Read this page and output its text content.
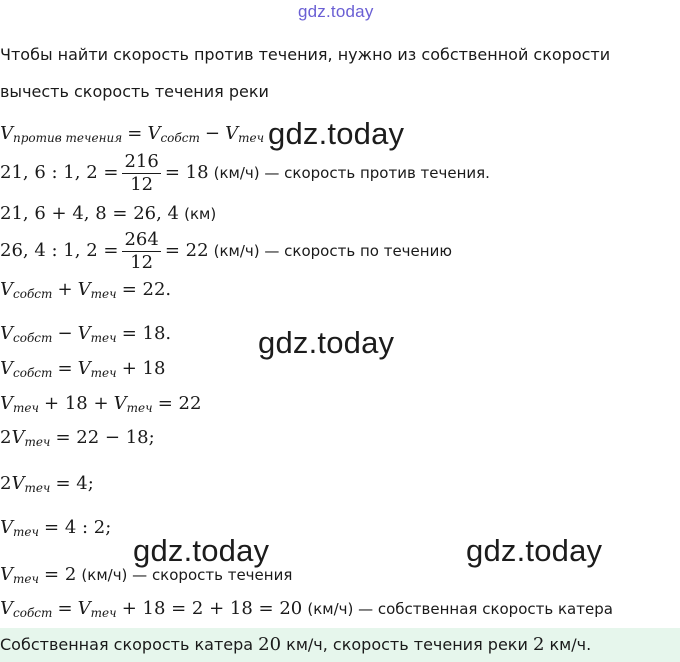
gdz.today
gdz.today
gdz.today
gdz.today	gdz.today
Чтобы найти скорость против течения, нужно из собственной скорости
вычесть скорость течения реки
$V_{против течения} = V_{собст} - V_{теч}$
21, 6 : 1, $2 = \frac{216}{12} = 18$ (км/ч) — скорость против течения.
21, 6 + 4, 8 = 26, 4 (км)
26, 4 : 1, $2 = \frac{264}{12} = 22$ (км/ч) — скорость по течению
$V_{собст} + V_{теч} = 22$.
$V_{собст} - V_{теч} = 18$.
$V_{собст} = V_{теч} + 18$
$V_{теч} + 18 + V_{теч} = 22$
$2V_{теч} = 22 - 18$;
$2V_{теч} = 4$;
$V_{теч} = 4$ : 2;
$V_{теч} = 2$ (км/ч) — скорость течения
$V_{собст} = V_{теч} + 18 = 2 + 18 = 20$ (км/ч) — собственная скорость катера
Собственная скорость катера 20 км/ч, скорость течения реки 2 км/ч.
